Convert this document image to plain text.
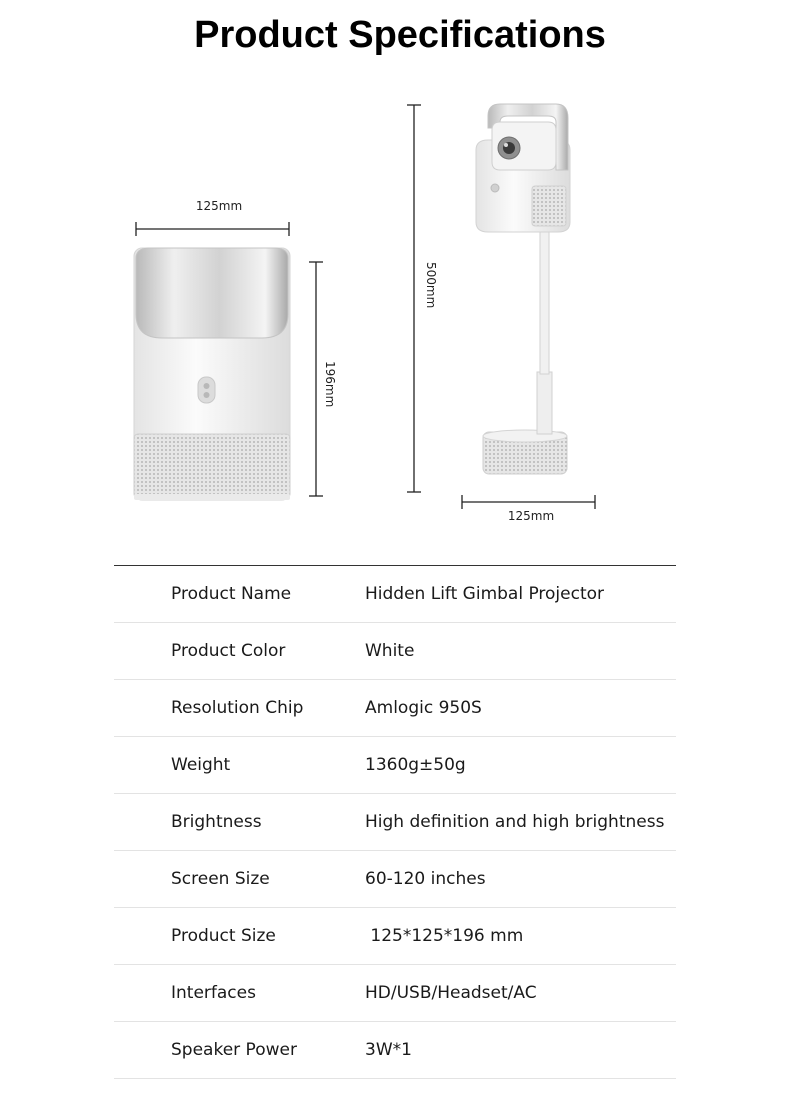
Product Specifications
125mm
196mm
500mm
125mm
Product Name	Hidden Lift Gimbal Projector
Product Color	White
Resolution Chip	Amlogic 950S
Weight	1360g±50g
Brightness	High definition and high brightness
Screen Size	60-120 inches
Product Size	125*125*196 mm
Interfaces	HD/USB/Headset/AC
Speaker Power	3W*1
